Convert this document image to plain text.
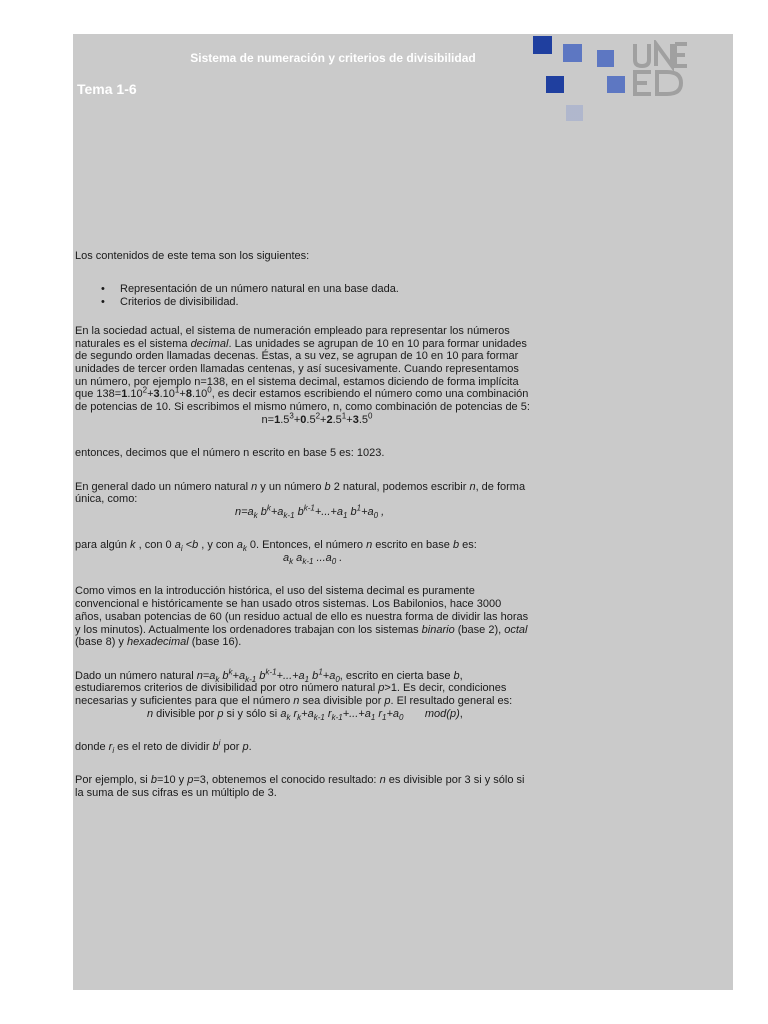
Sistema de numeración y criterios de divisibilidad
Tema 1-6

Los contenidos de este tema son los siguientes:

• Representación de un número natural en una base dada.
• Criterios de divisibilidad.

En la sociedad actual, el sistema de numeración empleado para representar los números

naturales es el sistema decimal. Las unidades se agrupan de 10 en 10 para formar unidades

de segundo orden llamadas decenas. Éstas, a su vez, se agrupan de 10 en 10 para formar

unidades de tercer orden llamadas centenas, y así sucesivamente. Cuando representamos

un número, por ejemplo n=138, en el sistema decimal, estamos diciendo de forma implícita

que $138=1.10^2+3.10^1+8.10^0$, es decir estamos escribiendo el número como una combinación

de potencias de 10. Si escribimos el mismo número, n, como combinación de potencias de 5:

$n=1.5^3+0.5^2+2.5^1+3.5^0$

entonces, decimos que el número n escrito en base 5 es: 1023.

En general dado un número natural n y un número b 2 natural, podemos escribir n, de forma

única, como:

$n=a_k$ $b^k+a_{k-1}$ $b^{k-1}+...+a_1$ $b^1+a_0$ ,

para algún k , con 0 $a_i <b$ , y con $a_k$ 0. Entonces, el número n escrito en base b es:

$a_k$ $a_{k-1}$ $...a_0$ .

Como vimos en la introducción histórica, el uso del sistema decimal es puramente

convencional e históricamente se han usado otros sistemas. Los Babilonios, hace 3000

años, usaban potencias de 60 (un residuo actual de ello es nuestra forma de dividir las horas

y los minutos). Actualmente los ordenadores trabajan con los sistemas binario (base 2), octal

(base 8) y hexadecimal (base 16).

Dado un número natural $n=a_k$ $b^k+a_{k-1}$ $b^{k-1}+...+a_1$ $b^1+a_0$, escrito en cierta base b,

estudiaremos criterios de divisibilidad por otro número natural p>1. Es decir, condiciones

necesarias y suficientes para que el número n sea divisible por p. El resultado general es:

n divisible por p si y sólo si $a_k$ $r_k+a_{k-1}$ $r_{k-1}+...+a_1$ $r_1+a_0$ mod(p),

donde $r_i$ es el reto de dividir $b^i$ por p.

Por ejemplo, si b=10 y p=3, obtenemos el conocido resultado: n es divisible por 3 si y sólo si

la suma de sus cifras es un múltiplo de 3.
